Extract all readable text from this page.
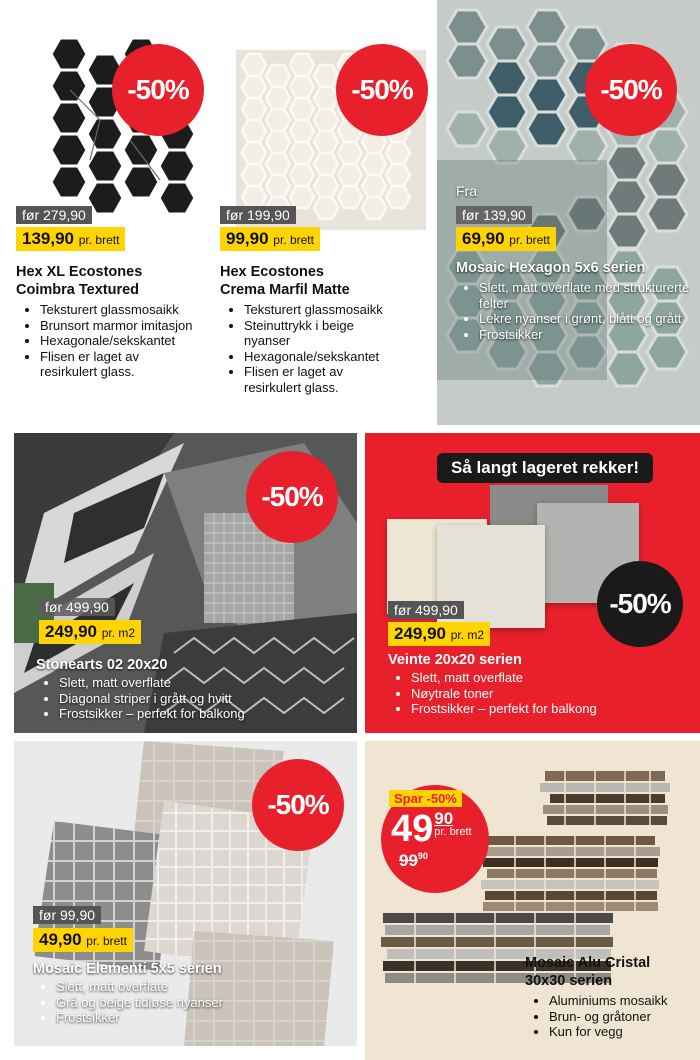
-50%
før 279,90
139,90 pr. brett
Hex XL Ecostones
Coimbra Textured
• Teksturert glassmosaikk
• Brunsort marmor imitasjon
• Hexagonale/sekskantet
• Flisen er laget av resirkulert glass.
-50%
før 199,90
99,90 pr. brett
Hex Ecostones
Crema Marfil Matte
• Teksturert glassmosaikk
• Steinuttrykk i beige nyanser
• Hexagonale/sekskantet
• Flisen er laget av resirkulert glass.
-50%
Fra
før 139,90
69,90 pr. brett
Mosaic Hexagon 5x6 serien
• Slett, matt overflate med strukturerte felter
• Lekre nyanser i grønt, blått og grått
• Frostsikker
-50%
før 499,90
249,90 pr. m2
Stonearts 02 20x20
• Slett, matt overflate
• Diagonal striper i grått og hvitt
• Frostsikker – perfekt for balkong
Så langt lageret rekker!
-50%
før 499,90
249,90 pr. m2
Veinte 20x20 serien
• Slett, matt overflate
• Nøytrale toner
• Frostsikker – perfekt for balkong
-50%
før 99,90
49,90 pr. brett
Mosaic Elementi 5x5 serien
• Slett, matt overflate
• Grå og beige tidløse nyanser
• Frostsikker
49 90
pr. brett
99 90
Spar -50%
Mosaic Alu Cristal
30x30 serien
• Aluminiums mosaikk
• Brun- og gråtoner
• Kun for vegg
